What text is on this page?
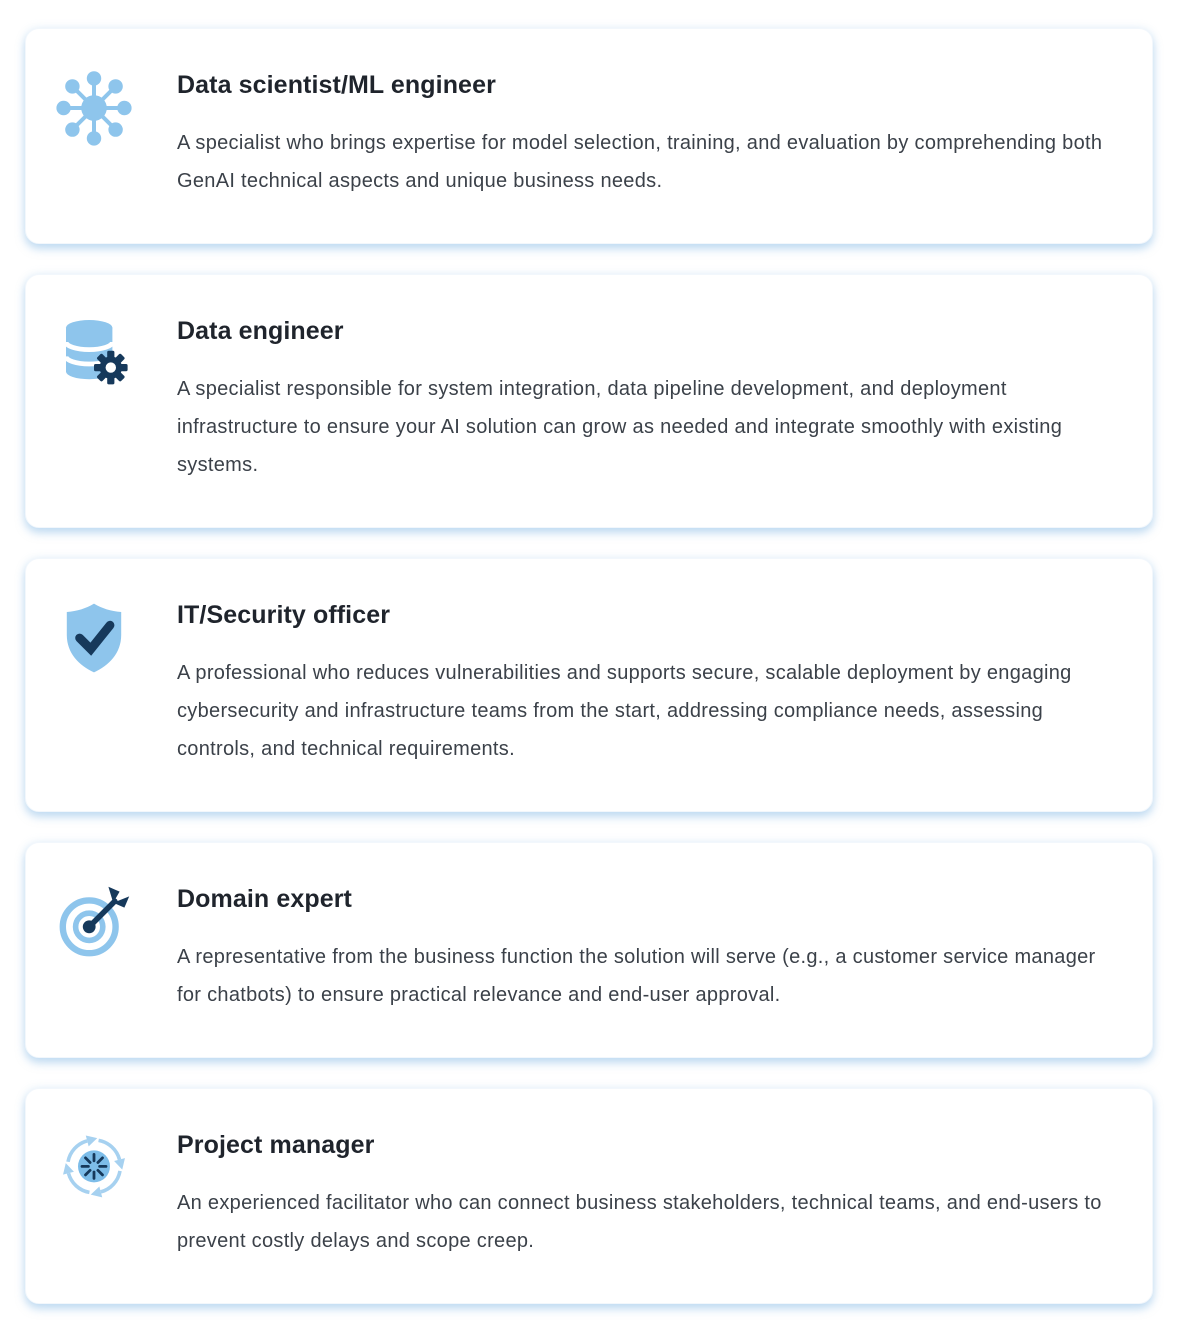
Data scientist/ML engineer

A specialist who brings expertise for model selection, training, and evaluation by comprehending both GenAI technical aspects and unique business needs.

Data engineer

A specialist responsible for system integration, data pipeline development, and deployment infrastructure to ensure your AI solution can grow as needed and integrate smoothly with existing systems.

IT/Security officer

A professional who reduces vulnerabilities and supports secure, scalable deployment by engaging cybersecurity and infrastructure teams from the start, addressing compliance needs, assessing controls, and technical requirements.

Domain expert

A representative from the business function the solution will serve (e.g., a customer service manager for chatbots) to ensure practical relevance and end-user approval.

Project manager

An experienced facilitator who can connect business stakeholders, technical teams, and end-users to prevent costly delays and scope creep.
